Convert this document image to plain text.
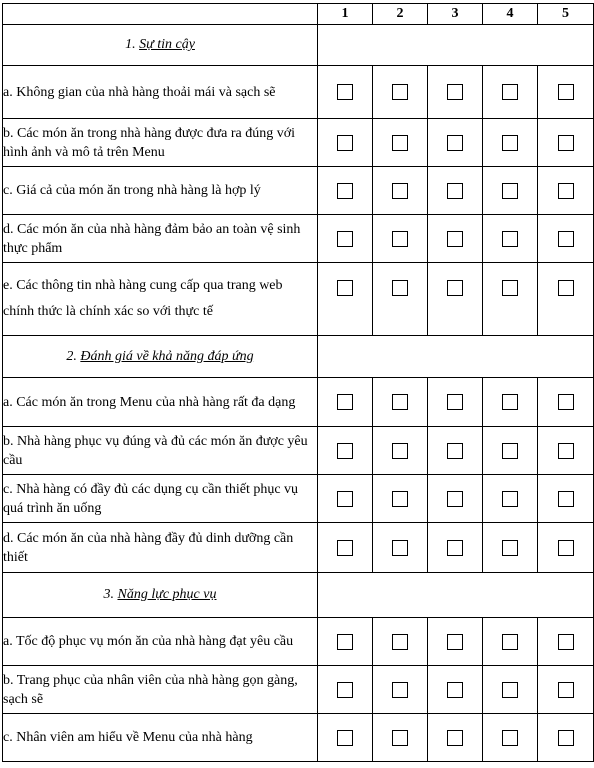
	1	2	3	4	5
1. Sự tin cậy					
a. Không gian của nhà hàng thoải mái và sạch sẽ					
b. Các món ăn trong nhà hàng được đưa ra đúng với hình ảnh và mô tả trên Menu					
c. Giá cả của món ăn trong nhà hàng là hợp lý					
d. Các món ăn của nhà hàng đảm bảo an toàn vệ sinh thực phẩm					
e. Các thông tin nhà hàng cung cấp qua trang web chính thức là chính xác so với thực tế					
2. Đánh giá về khả năng đáp ứng					
a. Các món ăn trong Menu của nhà hàng rất đa dạng					
b. Nhà hàng phục vụ đúng và đủ các món ăn được yêu cầu					
c. Nhà hàng có đầy đủ các dụng cụ cần thiết phục vụ quá trình ăn uống					
d. Các món ăn của nhà hàng đầy đủ dinh dưỡng cần thiết					
3. Năng lực phục vụ					
a. Tốc độ phục vụ món ăn của nhà hàng đạt yêu cầu					
b. Trang phục của nhân viên của nhà hàng gọn gàng, sạch sẽ					
c. Nhân viên am hiểu về Menu của nhà hàng					
